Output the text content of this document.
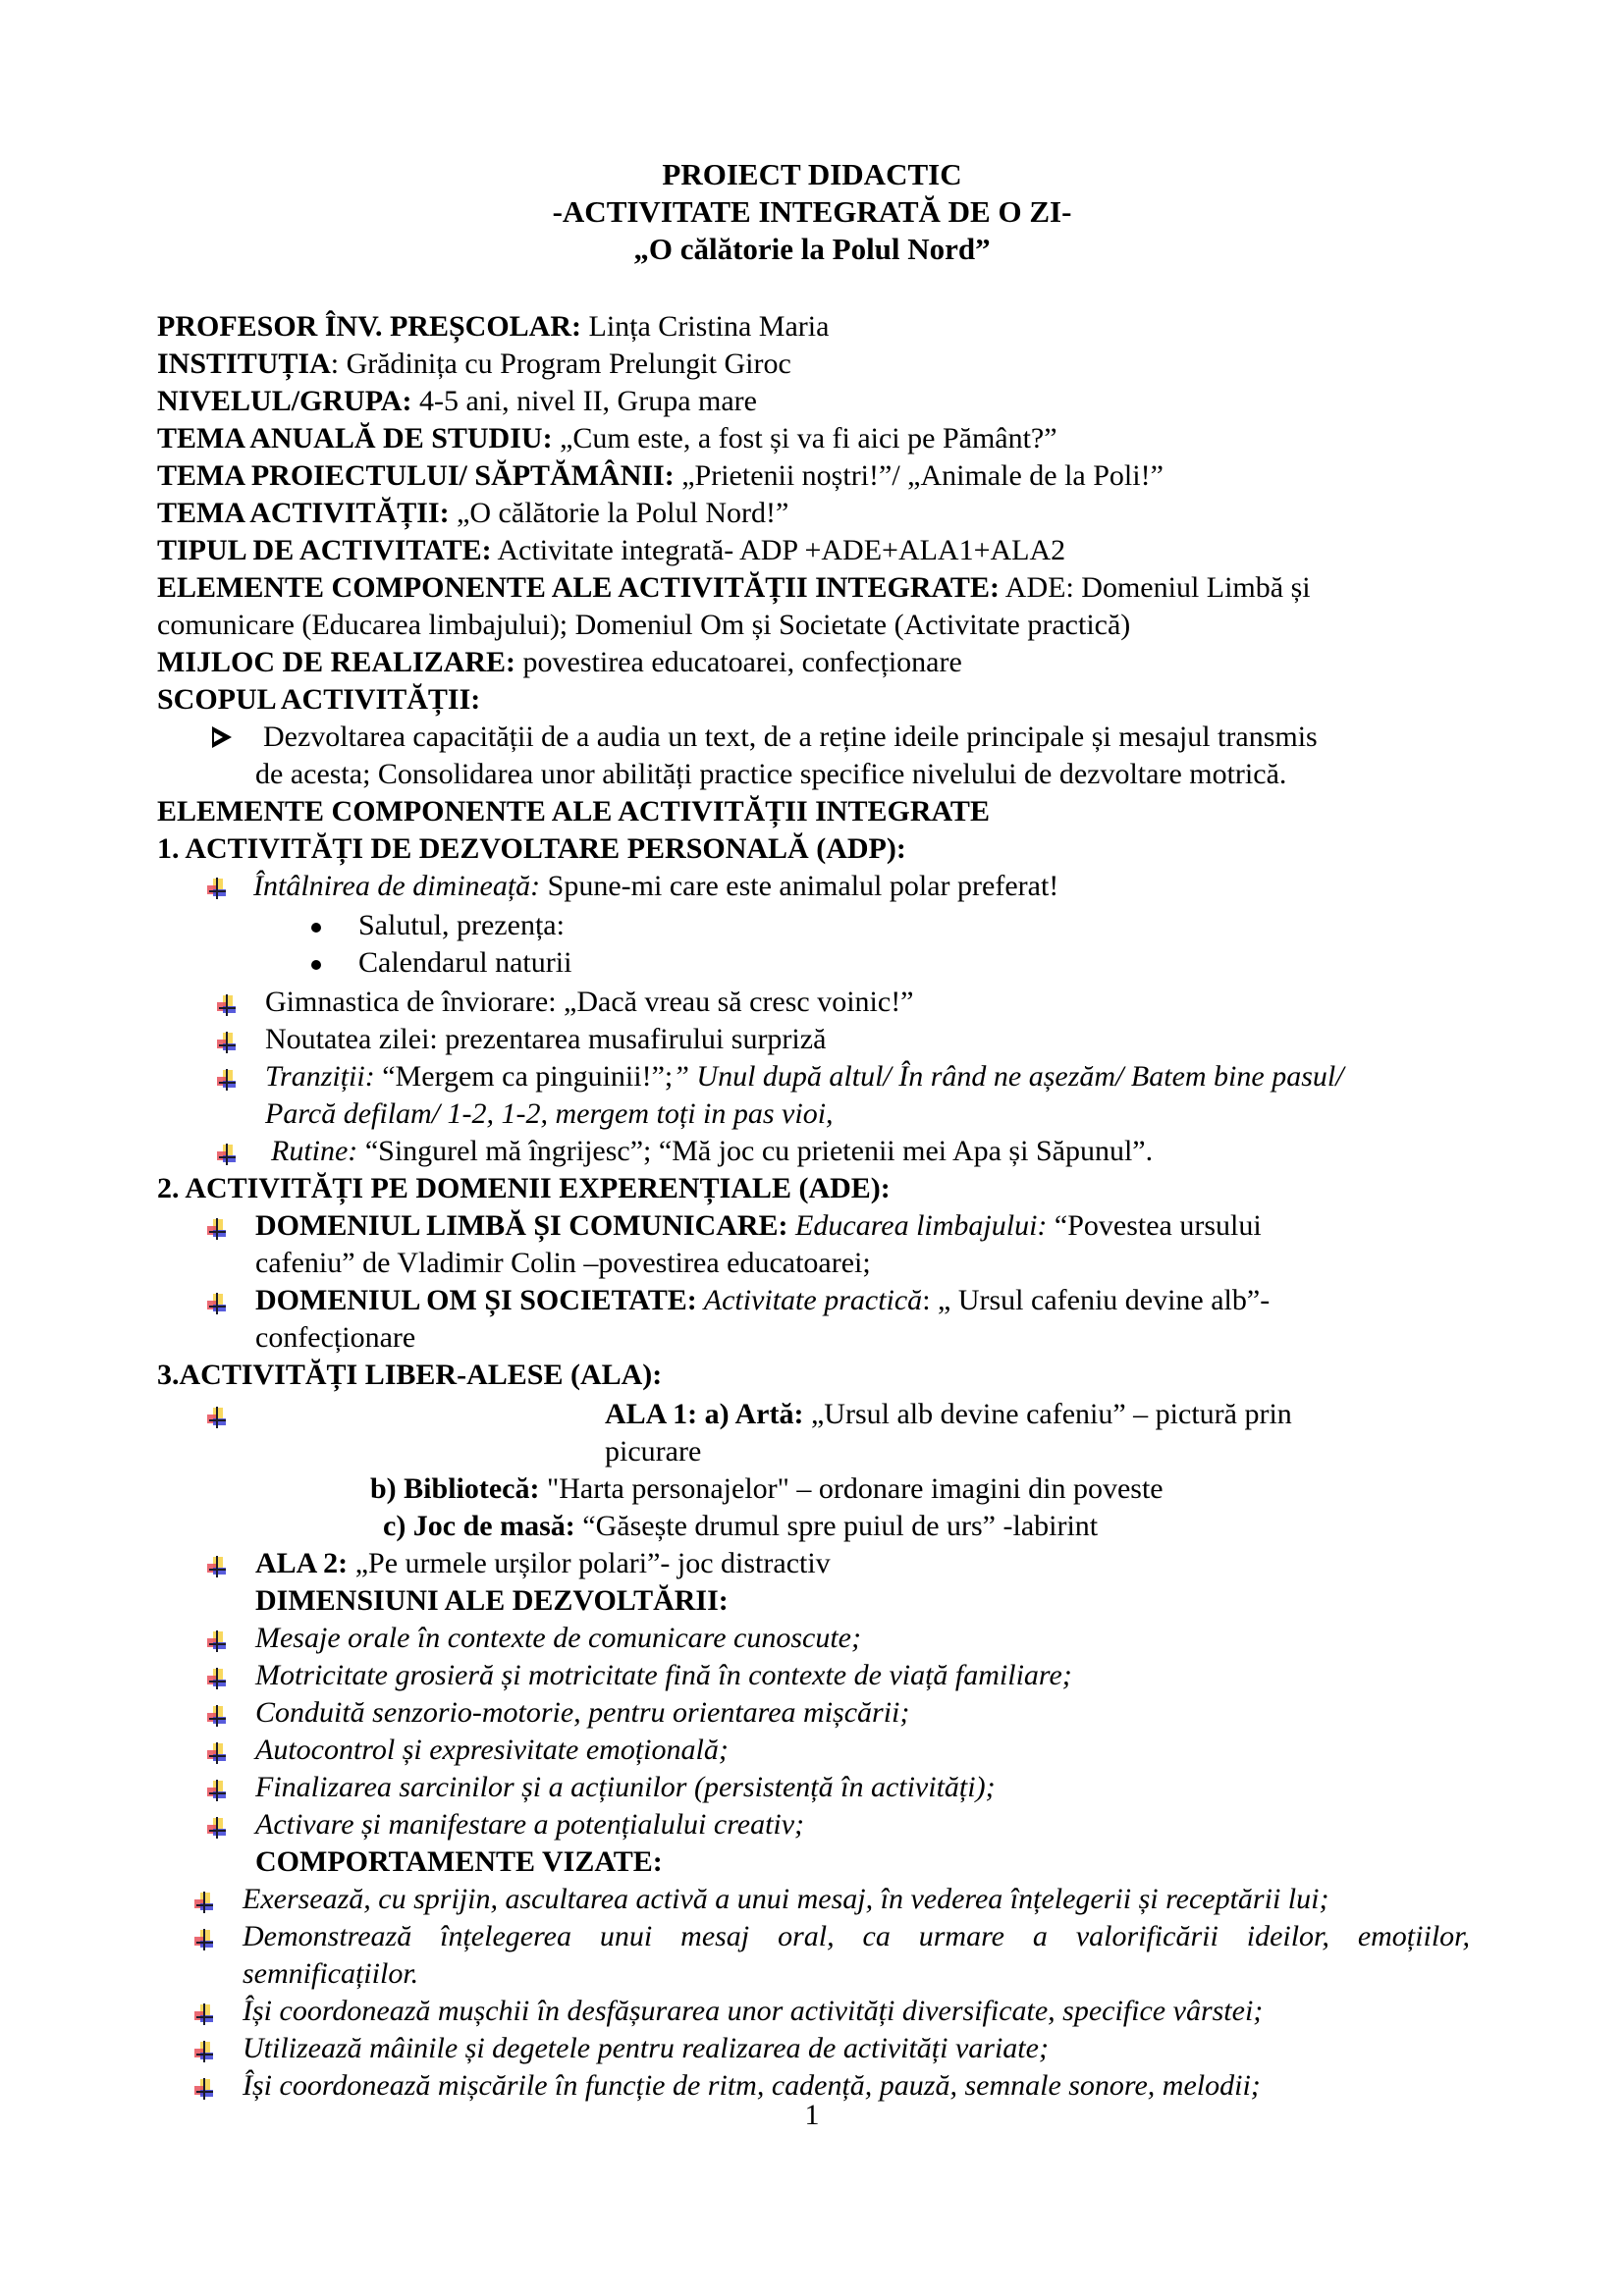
PROIECT DIDACTIC
-ACTIVITATE INTEGRATĂ DE O ZI-
„O călătorie la Polul Nord”
PROFESOR ÎNV. PREȘCOLAR: Lința Cristina Maria
INSTITUȚIA: Grădinița cu Program Prelungit Giroc
NIVELUL/GRUPA: 4-5 ani, nivel II, Grupa mare
TEMA ANUALĂ DE STUDIU: „Cum este, a fost și va fi aici pe Pământ?”
TEMA PROIECTULUI/ SĂPTĂMÂNII: „Prietenii noștri!”/ „Animale de la Poli!”
TEMA ACTIVITĂȚII: „O călătorie la Polul Nord!”
TIPUL DE ACTIVITATE: Activitate integrată- ADP +ADE+ALA1+ALA2
ELEMENTE COMPONENTE ALE ACTIVITĂȚII INTEGRATE: ADE: Domeniul Limbă și
comunicare (Educarea limbajului); Domeniul Om și Societate (Activitate practică)
MIJLOC DE REALIZARE: povestirea educatoarei, confecționare
SCOPUL ACTIVITĂȚII:
Dezvoltarea capacității de a audia un text, de a reține ideile principale și mesajul transmis
de acesta; Consolidarea unor abilități practice specifice nivelului de dezvoltare motrică.
ELEMENTE COMPONENTE ALE ACTIVITĂȚII INTEGRATE
1. ACTIVITĂȚI DE DEZVOLTARE PERSONALĂ (ADP):
Întâlnirea de dimineață: Spune-mi care este animalul polar preferat!
Salutul, prezența:
Calendarul naturii
Gimnastica de înviorare: „Dacă vreau să cresc voinic!”
Noutatea zilei: prezentarea musafirului surpriză
Tranziții: “Mergem ca pinguinii!”;” Unul după altul/ În rând ne așezăm/ Batem bine pasul/
Parcă defilam/ 1-2, 1-2, mergem toți in pas vioi,
Rutine: “Singurel mă îngrijesc”; “Mă joc cu prietenii mei Apa și Săpunul”.
2. ACTIVITĂȚI PE DOMENII EXPERENȚIALE (ADE):
DOMENIUL LIMBĂ ȘI COMUNICARE: Educarea limbajului: “Povestea ursului
cafeniu” de Vladimir Colin –povestirea educatoarei;
DOMENIUL OM ȘI SOCIETATE: Activitate practică: „ Ursul cafeniu devine alb”-
confecționare
3.ACTIVITĂȚI LIBER-ALESE (ALA):
ALA 1: a) Artă: „Ursul alb devine cafeniu” – pictură prin
picurare
b) Bibliotecă: "Harta personajelor" – ordonare imagini din poveste
c) Joc de masă: “Găsește drumul spre puiul de urs” -labirint
ALA 2: „Pe urmele urșilor polari”- joc distractiv
DIMENSIUNI ALE DEZVOLTĂRII:
Mesaje orale în contexte de comunicare cunoscute;
Motricitate grosieră și motricitate fină în contexte de viață familiare;
Conduită senzorio-motorie, pentru orientarea mișcării;
Autocontrol și expresivitate emoțională;
Finalizarea sarcinilor și a acțiunilor (persistență în activități);
Activare și manifestare a potențialului creativ;
COMPORTAMENTE VIZATE:
Exersează, cu sprijin, ascultarea activă a unui mesaj, în vederea înțelegerii și receptării lui;
Demonstrează înțelegerea unui mesaj oral, ca urmare a valorificării ideilor, emoțiilor,
semnificațiilor.
Își coordonează mușchii în desfășurarea unor activități diversificate, specifice vârstei;
Utilizează mâinile și degetele pentru realizarea de activități variate;
Își coordonează mișcările în funcție de ritm, cadență, pauză, semnale sonore, melodii;
1
